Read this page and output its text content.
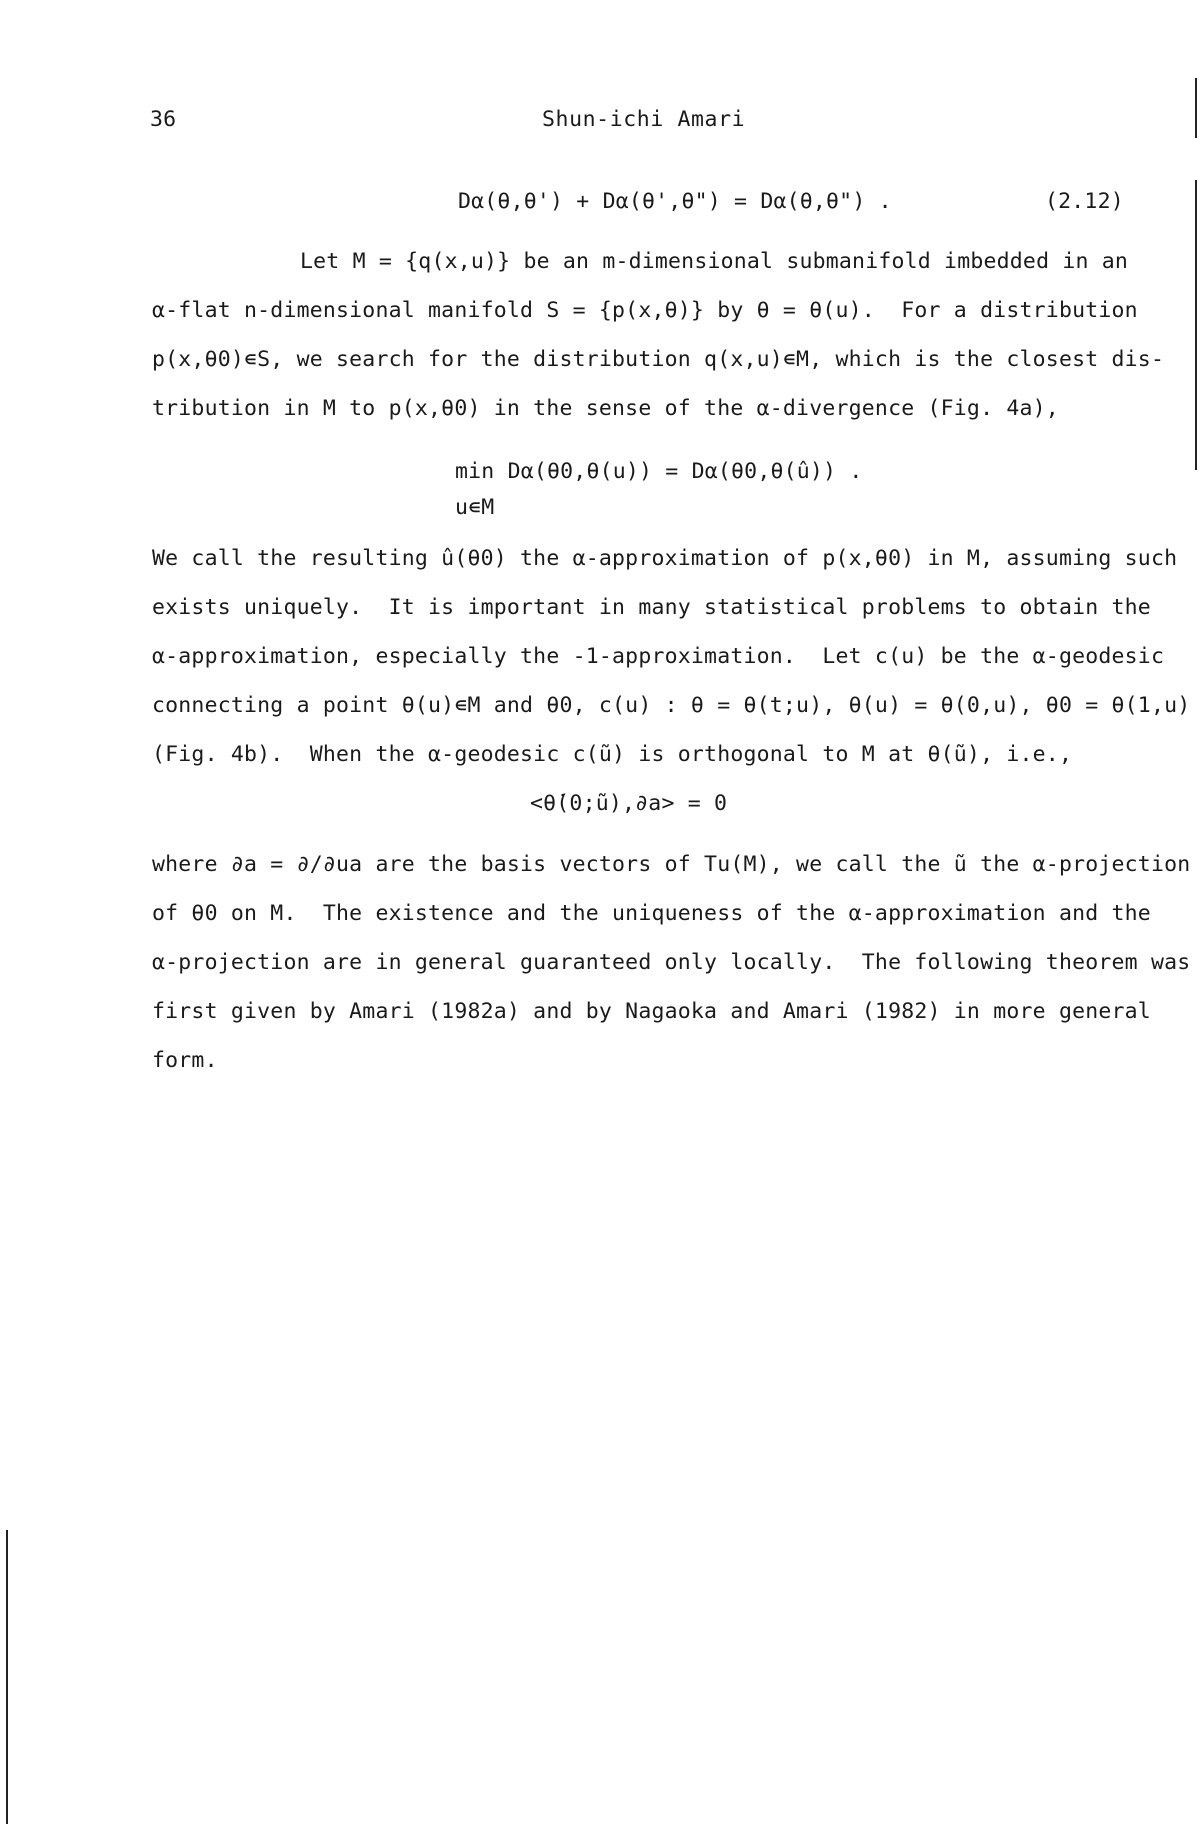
36	Shun-ichi Amari
Dα(θ,θ') + Dα(θ',θ") = Dα(θ,θ") .	(2.12)
Let M = {q(x,u)} be an m-dimensional submanifold imbedded in an
α-flat n-dimensional manifold S = {p(x,θ)} by θ = θ(u).  For a distribution
p(x,θ0)∊S, we search for the distribution q(x,u)∊M, which is the closest dis-
tribution in M to p(x,θ0) in the sense of the α-divergence (Fig. 4a),
min Dα(θ0,θ(u)) = Dα(θ0,θ(û)) .
u∊M
We call the resulting û(θ0) the α-approximation of p(x,θ0) in M, assuming such
exists uniquely.  It is important in many statistical problems to obtain the
α-approximation, especially the -1-approximation.  Let c(u) be the α-geodesic
connecting a point θ(u)∊M and θ0, c(u) : θ = θ(t;u), θ(u) = θ(0,u), θ0 = θ(1,u)
(Fig. 4b).  When the α-geodesic c(ũ) is orthogonal to M at θ(ũ), i.e.,
<θ̇(0;ũ),∂a> = 0
where ∂a = ∂/∂ua are the basis vectors of Tu(M), we call the ũ the α-projection
of θ0 on M.  The existence and the uniqueness of the α-approximation and the
α-projection are in general guaranteed only locally.  The following theorem was
first given by Amari (1982a) and by Nagaoka and Amari (1982) in more general
form.
